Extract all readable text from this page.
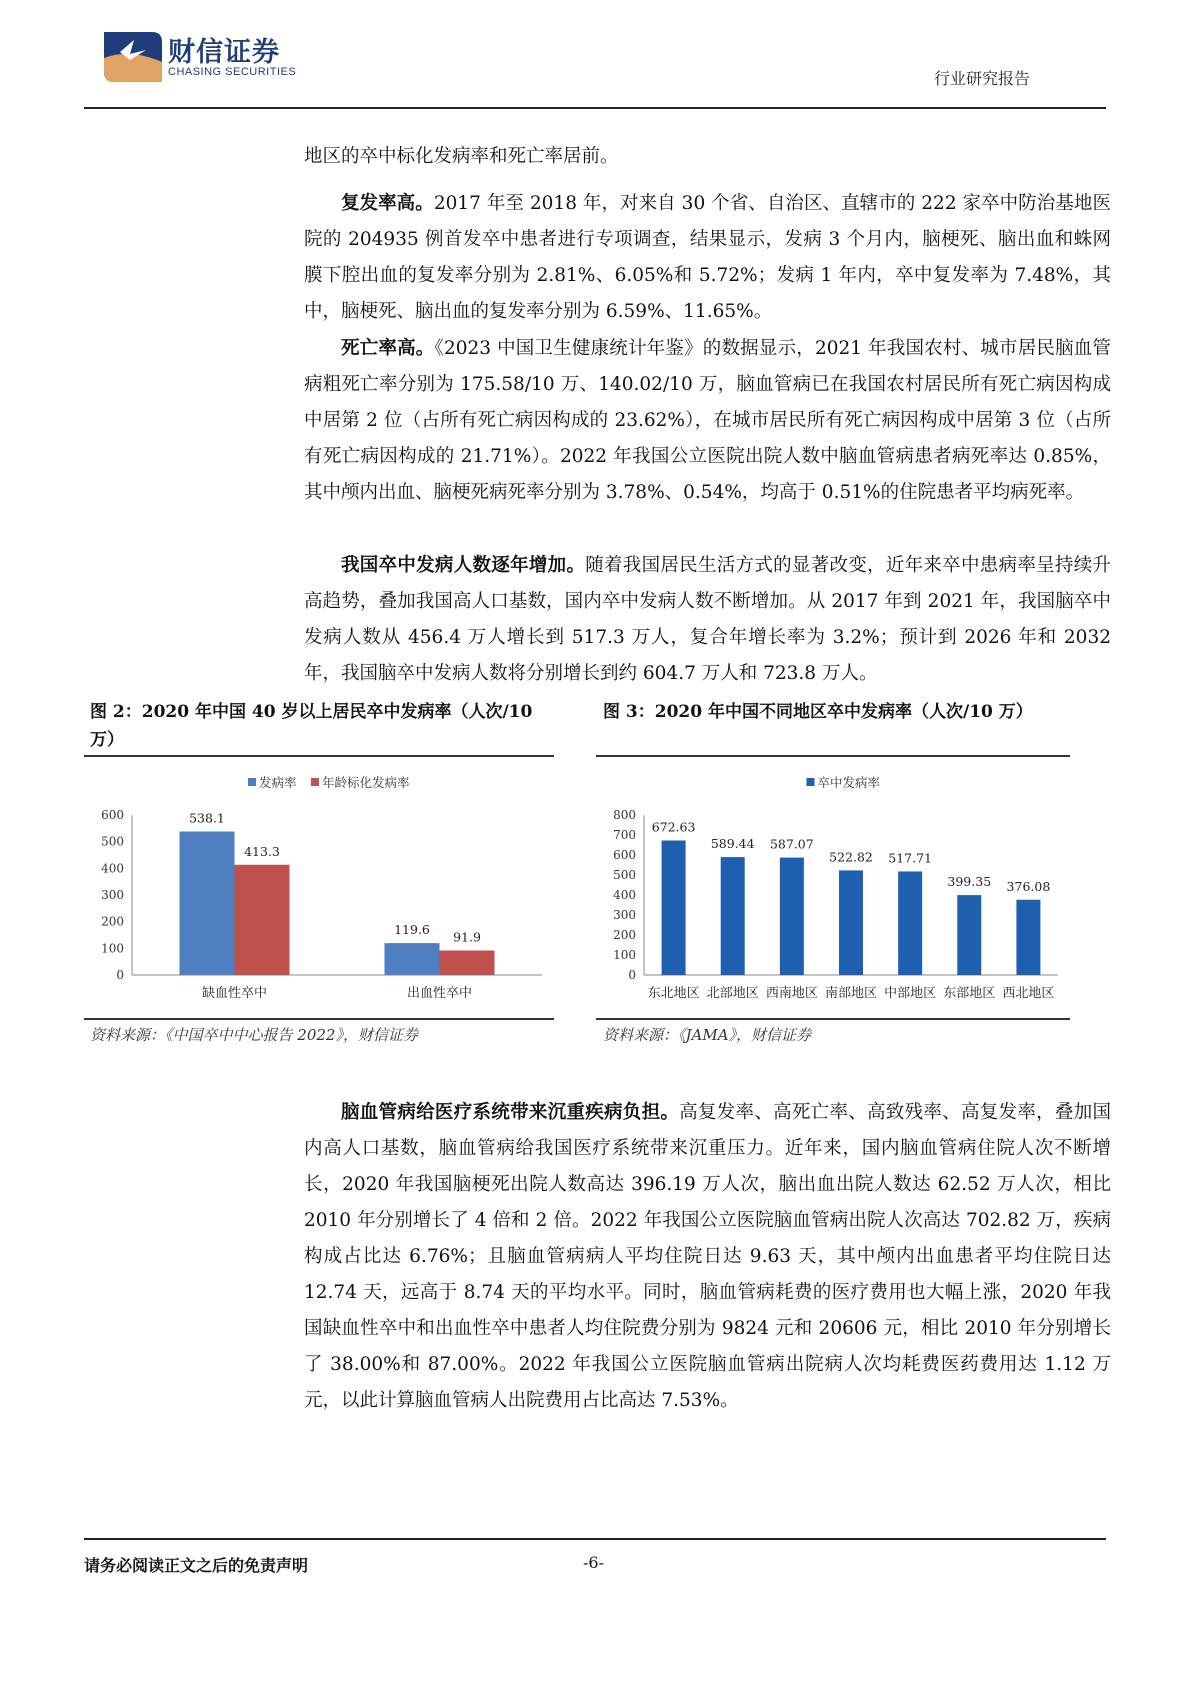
财信证券
CHASING SECURITIES	行业研究报告

地区的卒中标化发病率和死亡率居前。

复发率高。2017 年至 2018 年，对来自 30 个省、自治区、直辖市的 222 家卒中防治基地医院的 204935 例首发卒中患者进行专项调查，结果显示，发病 3 个月内，脑梗死、脑出血和蛛网膜下腔出血的复发率分别为 2.81%、6.05%和 5.72%；发病 1 年内，卒中复发率为 7.48%，其中，脑梗死、脑出血的复发率分别为 6.59%、11.65%。

死亡率高。《2023 中国卫生健康统计年鉴》的数据显示，2021 年我国农村、城市居民脑血管病粗死亡率分别为 175.58/10 万、140.02/10 万，脑血管病已在我国农村居民所有死亡病因构成中居第 2 位（占所有死亡病因构成的 23.62%），在城市居民所有死亡病因构成中居第 3 位（占所有死亡病因构成的 21.71%）。2022 年我国公立医院出院人数中脑血管病患者病死率达 0.85%，其中颅内出血、脑梗死病死率分别为 3.78%、0.54%，均高于 0.51%的住院患者平均病死率。

我国卒中发病人数逐年增加。随着我国居民生活方式的显著改变，近年来卒中患病率呈持续升高趋势，叠加我国高人口基数，国内卒中发病人数不断增加。从 2017 年到 2021 年，我国脑卒中发病人数从 456.4 万人增长到 517.3 万人，复合年增长率为 3.2%；预计到 2026 年和 2032 年，我国脑卒中发病人数将分别增长到约 604.7 万人和 723.8 万人。

图 2：2020 年中国 40 岁以上居民卒中发病率（人次/10 万）
发病率 年龄标化发病率
0
100
200
300
400
500
600	538.1
413.3
119.6 91.9
缺血性卒中	出血性卒中
资料来源：《中国卒中中心报告 2022》，财信证券
图 3：2020 年中国不同地区卒中发病率（人次/10 万）
卒中发病率
0
100
200
300
400
500
600
700
800
672.63
589.44 587.07
522.82 517.71
399.35 376.08
东北地区 北部地区 西南地区 南部地区 中部地区 东部地区 西北地区
资料来源：《JAMA》，财信证券

脑血管病给医疗系统带来沉重疾病负担。高复发率、高死亡率、高致残率、高复发率，叠加国内高人口基数，脑血管病给我国医疗系统带来沉重压力。近年来，国内脑血管病住院人次不断增长，2020 年我国脑梗死出院人数高达 396.19 万人次，脑出血出院人数达 62.52 万人次，相比 2010 年分别增长了 4 倍和 2 倍。2022 年我国公立医院脑血管病出院人次高达 702.82 万，疾病构成占比达 6.76%；且脑血管病病人平均住院日达 9.63 天，其中颅内出血患者平均住院日达 12.74 天，远高于 8.74 天的平均水平。同时，脑血管病耗费的医疗费用也大幅上涨，2020 年我国缺血性卒中和出血性卒中患者人均住院费分别为 9824 元和 20606 元，相比 2010 年分别增长了 38.00%和 87.00%。2022 年我国公立医院脑血管病出院病人次均耗费医药费用达 1.12 万元，以此计算脑血管病人出院费用占比高达 7.53%。

请务必阅读正文之后的免责声明	-6-
